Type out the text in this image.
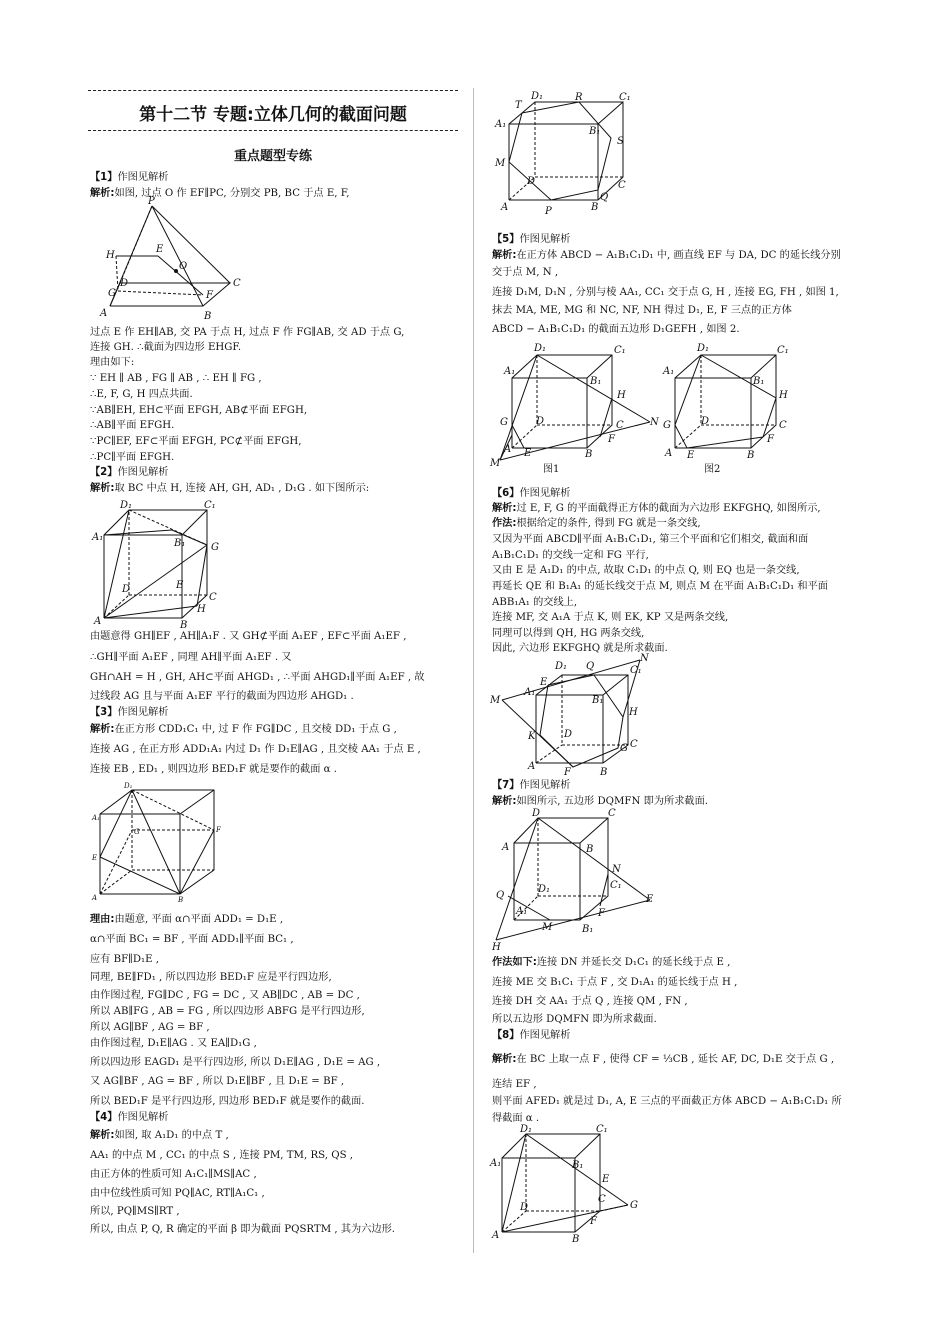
第十二节 专题:立体几何的截面问题
重点题型专练
【1】作图见解析
解析:如图, 过点 O 作 EF∥PC, 分别交 PB, BC 于点 E, F,
过点 E 作 EH∥AB, 交 PA 于点 H, 过点 F 作 FG∥AB, 交 AD 于点 G,
连接 GH. ∴截面为四边形 EHGF.
理由如下:
∵ EH ∥ AB , FG ∥ AB , ∴ EH ∥ FG ,
∴E, F, G, H 四点共面.
∵AB∥EH, EH⊂平面 EFGH, AB⊄平面 EFGH,
∴AB∥平面 EFGH.
∵PC∥EF, EF⊂平面 EFGH, PC⊄平面 EFGH,
∴PC∥平面 EFGH.
【2】作图见解析
解析:取 BC 中点 H, 连接 AH, GH, AD₁ , D₁G . 如下图所示:
由题意得 GH∥EF , AH∥A₁F . 又 GH⊄平面 A₁EF , EF⊂平面 A₁EF ,
∴GH∥平面 A₁EF , 同理 AH∥平面 A₁EF . 又
GH∩AH = H , GH, AH⊂平面 AHGD₁ , ∴平面 AHGD₁∥平面 A₁EF , 故
过线段 AG 且与平面 A₁EF 平行的截面为四边形 AHGD₁ .
【3】作图见解析
解析:在正方形 CDD₁C₁ 中, 过 F 作 FG∥DC , 且交棱 DD₁ 于点 G ,
连接 AG , 在正方形 ADD₁A₁ 内过 D₁ 作 D₁E∥AG , 且交棱 AA₁ 于点 E ,
连接 EB , ED₁ , 则四边形 BED₁F 就是要作的截面 α .
理由:由题意, 平面 α∩平面 ADD₁ = D₁E ,
α∩平面 BC₁ = BF , 平面 ADD₁∥平面 BC₁ ,
应有 BF∥D₁E ,
同理, BE∥FD₁ , 所以四边形 BED₁F 应是平行四边形,
由作图过程, FG∥DC , FG = DC , 又 AB∥DC , AB = DC ,
所以 AB∥FG , AB = FG , 所以四边形 ABFG 是平行四边形,
所以 AG∥BF , AG = BF ,
由作图过程, D₁E∥AG . 又 EA∥D₁G ,
所以四边形 EAGD₁ 是平行四边形, 所以 D₁E∥AG , D₁E = AG ,
又 AG∥BF , AG = BF , 所以 D₁E∥BF , 且 D₁E = BF ,
所以 BED₁F 是平行四边形, 四边形 BED₁F 就是要作的截面.
【4】作图见解析
解析:如图, 取 A₁D₁ 的中点 T ,
AA₁ 的中点 M , CC₁ 的中点 S , 连接 PM, TM, RS, QS ,
由正方体的性质可知 A₁C₁∥MS∥AC ,
由中位线性质可知 PQ∥AC, RT∥A₁C₁ ,
所以, PQ∥MS∥RT ,
所以, 由点 P, Q, R 确定的平面 β 即为截面 PQSRTM , 其为六边形.
【5】作图见解析
解析:在正方体 ABCD − A₁B₁C₁D₁ 中, 画直线 EF 与 DA, DC 的延长线分别
交于点 M, N ,
连接 D₁M, D₁N , 分别与棱 AA₁, CC₁ 交于点 G, H , 连接 EG, FH , 如图 1,
抹去 MA, ME, MG 和 NC, NF, NH 得过 D₁, E, F 三点的正方体
ABCD − A₁B₁C₁D₁ 的截面五边形 D₁GEFH , 如图 2.
【6】作图见解析
解析:过 E, F, G 的平面截得正方体的截面为六边形 EKFGHQ, 如图所示,
作法:根据给定的条件, 得到 FG 就是一条交线,
又因为平面 ABCD∥平面 A₁B₁C₁D₁, 第三个平面和它们相交, 截面和面
A₁B₁C₁D₁ 的交线一定和 FG 平行,
又由 E 是 A₁D₁ 的中点, 故取 C₁D₁ 的中点 Q, 则 EQ 也是一条交线,
再延长 QE 和 B₁A₁ 的延长线交于点 M, 则点 M 在平面 A₁B₁C₁D₁ 和平面
ABB₁A₁ 的交线上,
连接 MF, 交 A₁A 于点 K, 则 EK, KP 又是两条交线,
同理可以得到 QH, HG 两条交线,
因此, 六边形 EKFGHQ 就是所求截面.
【7】作图见解析
解析:如图所示, 五边形 DQMFN 即为所求截面.
作法如下:连接 DN 并延长交 D₁C₁ 的延长线于点 E ,
连接 ME 交 B₁C₁ 于点 F , 交 D₁A₁ 的延长线于点 H ,
连接 DH 交 AA₁ 于点 Q , 连接 QM , FN ,
所以五边形 DQMFN 即为所求截面.
【8】作图见解析
解析:在 BC 上取一点 F , 使得 CF = ⅓CB , 延长 AF, DC, D₁E 交于点 G ,
连结 EF ,
则平面 AFED₁ 就是过 D₁, A, E 三点的平面截正方体 ABCD − A₁B₁C₁D₁ 所
得截面 α .
P
H
E
O
C
F
D
G
A	B
D₁	C₁
A₁
B₁	G
E
D
C
H
A	B
D₁
A₁
E
F
G
A	B
D₁	R	C₁
T
A₁
B₁
S
M
D	C
A	P	B
Q
D₁	C₁
A₁
B₁
H
N
G	D	C
F
E
A	B
M
图1
D₁	C₁
A₁
B₁
H
G	D	C
F
E
A	B
图2
D₁ Q	C₁
N
E
A₁
B₁
M
H
K	D
C
G
A
F	B
D	C
A	B
N
D₁	C₁
E
Q
A₁	F
M	B₁
H
D₁	C₁
A₁	B₁
E
C
G
D
F
A	B
